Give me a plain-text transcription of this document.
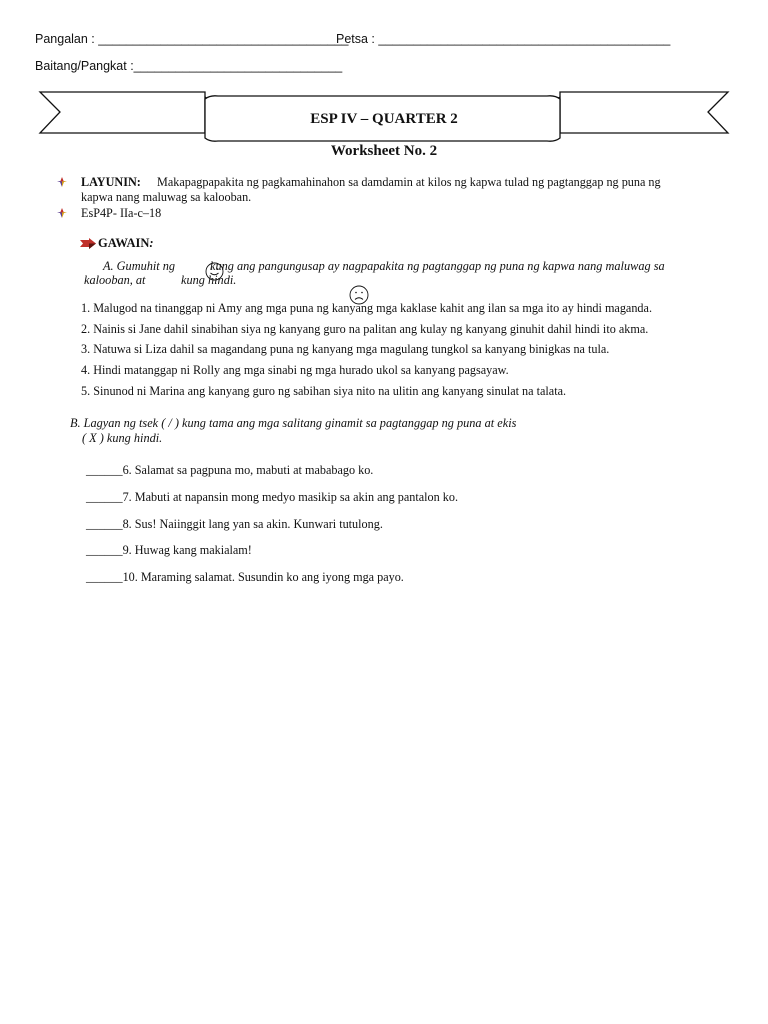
Pangalan : ____________________________________
Petsa : __________________________________________
Baitang/Pangkat :______________________________
ESP IV – QUARTER 2
Worksheet No. 2
LAYUNIN: Makapagpapakita ng pagkamahinahon sa damdamin at kilos ng kapwa tulad ng pagtanggap ng puna ng
kapwa nang maluwag sa kalooban.
EsP4P- IIa-c–18
GAWAIN:
A. Gumuhit ng	kung ang pangungusap ay nagpapakita ng pagtanggap ng puna ng kapwa nang maluwag sa
kalooban, at	kung hindi.
1. Malugod na tinanggap ni Amy ang mga puna ng kanyang mga kaklase kahit ang ilan sa mga ito ay hindi maganda.
2. Nainis si Jane dahil sinabihan siya ng kanyang guro na palitan ang kulay ng kanyang ginuhit dahil hindi ito akma.
3. Natuwa si Liza dahil sa magandang puna ng kanyang mga magulang tungkol sa kanyang binigkas na tula.
4. Hindi matanggap ni Rolly ang mga sinabi ng mga hurado ukol sa kanyang pagsayaw.
5. Sinunod ni Marina ang kanyang guro ng sabihan siya nito na ulitin ang kanyang sinulat na talata.
B. Lagyan ng tsek ( / ) kung tama ang mga salitang ginamit sa pagtanggap ng puna at ekis
( X ) kung hindi.
______6. Salamat sa pagpuna mo, mabuti at mababago ko.
______7. Mabuti at napansin mong medyo masikip sa akin ang pantalon ko.
______8. Sus! Naiinggit lang yan sa akin. Kunwari tutulong.
______9. Huwag kang makialam!
______10. Maraming salamat. Susundin ko ang iyong mga payo.
